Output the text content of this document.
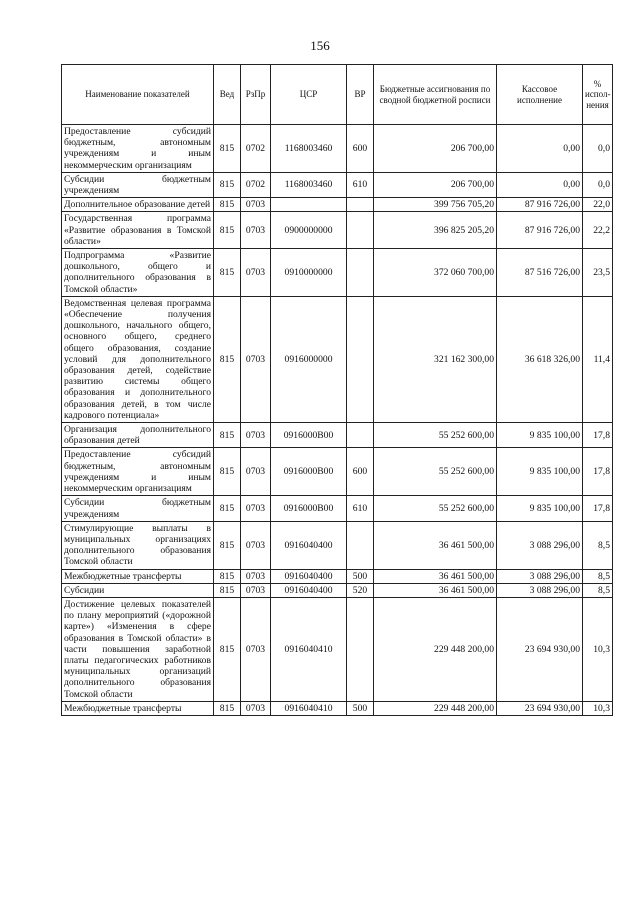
156
Наименование показателей	Вед	РзПр	ЦСР	ВР	Бюджетные ассигнования по сводной бюджетной росписи	Кассовое исполнение	% испол-нения
Предоставление субсидий бюджетным, автономным учреждениям и иным некоммерческим организациям	815	0702	1168003460	600	206 700,00	0,00	0,0
Субсидии бюджетным учреждениям	815	0702	1168003460	610	206 700,00	0,00	0,0
Дополнительное образование детей	815	0703			399 756 705,20	87 916 726,00	22,0
Государственная программа «Развитие образования в Томской области»	815	0703	0900000000		396 825 205,20	87 916 726,00	22,2
Подпрограмма «Развитие дошкольного, общего и дополнительного образования в Томской области»	815	0703	0910000000		372 060 700,00	87 516 726,00	23,5
Ведомственная целевая программа «Обеспечение получения дошкольного, начального общего, основного общего, среднего общего образования, создание условий для дополнительного образования детей, содействие развитию системы общего образования и дополнительного образования детей, в том числе кадрового потенциала»	815	0703	0916000000		321 162 300,00	36 618 326,00	11,4
Организация дополнительного образования детей	815	0703	0916000В00		55 252 600,00	9 835 100,00	17,8
Предоставление субсидий бюджетным, автономным учреждениям и иным некоммерческим организациям	815	0703	0916000В00	600	55 252 600,00	9 835 100,00	17,8
Субсидии бюджетным учреждениям	815	0703	0916000В00	610	55 252 600,00	9 835 100,00	17,8
Стимулирующие выплаты в муниципальных организациях дополнительного образования Томской области	815	0703	0916040400		36 461 500,00	3 088 296,00	8,5
Межбюджетные трансферты	815	0703	0916040400	500	36 461 500,00	3 088 296,00	8,5
Субсидии	815	0703	0916040400	520	36 461 500,00	3 088 296,00	8,5
Достижение целевых показателей по плану мероприятий («дорожной карте») «Изменения в сфере образования в Томской области» в части повышения заработной платы педагогических работников муниципальных организаций дополнительного образования Томской области	815	0703	0916040410		229 448 200,00	23 694 930,00	10,3
Межбюджетные трансферты	815	0703	0916040410	500	229 448 200,00	23 694 930,00	10,3
